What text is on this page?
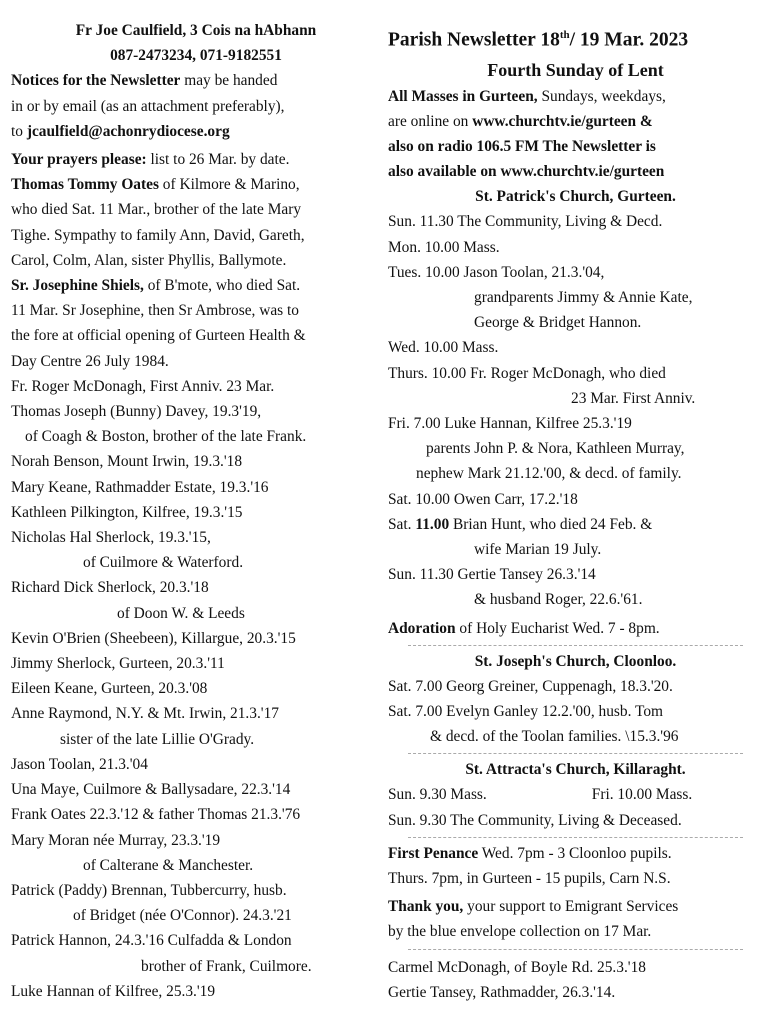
Fr Joe Caulfield, 3 Cois na hAbhann
087-2473234, 071-9182551
Notices for the Newsletter may be handed
in or by email (as an attachment preferably),
to jcaulfield@achonrydiocese.org
Your prayers please: list to 26 Mar. by date.
Thomas Tommy Oates of Kilmore & Marino,
who died Sat. 11 Mar., brother of the late Mary
Tighe. Sympathy to family Ann, David, Gareth,
Carol, Colm, Alan, sister Phyllis, Ballymote.
Sr. Josephine Shiels, of B'mote, who died Sat.
11 Mar. Sr Josephine, then Sr Ambrose, was to
the fore at official opening of Gurteen Health &
Day Centre 26 July 1984.
Fr. Roger McDonagh, First Anniv. 23 Mar.
Thomas Joseph (Bunny) Davey, 19.3'19,
of Coagh & Boston, brother of the late Frank.
Norah Benson, Mount Irwin, 19.3.'18
Mary Keane, Rathmadder Estate, 19.3.'16
Kathleen Pilkington, Kilfree, 19.3.'15
Nicholas Hal Sherlock, 19.3.'15,
of Cuilmore & Waterford.
Richard Dick Sherlock, 20.3.'18
of Doon W. & Leeds
Kevin O'Brien (Sheebeen), Killargue, 20.3.'15
Jimmy Sherlock, Gurteen, 20.3.'11
Eileen Keane, Gurteen, 20.3.'08
Anne Raymond, N.Y. & Mt. Irwin, 21.3.'17
sister of the late Lillie O'Grady.
Jason Toolan, 21.3.'04
Una Maye, Cuilmore & Ballysadare, 22.3.'14
Frank Oates 22.3.'12 & father Thomas 21.3.'76
Mary Moran née Murray, 23.3.'19
of Calterane & Manchester.
Patrick (Paddy) Brennan, Tubbercurry, husb.
of Bridget (née O'Connor). 24.3.'21
Patrick Hannon, 24.3.'16 Culfadda & London
brother of Frank, Cuilmore.
Luke Hannan of Kilfree, 25.3.'19
Parish Newsletter 18th/ 19 Mar. 2023
Fourth Sunday of Lent
All Masses in Gurteen, Sundays, weekdays,
are online on www.churchtv.ie/gurteen &
also on radio 106.5 FM The Newsletter is
also available on www.churchtv.ie/gurteen
St. Patrick's Church, Gurteen.
Sun. 11.30 The Community, Living & Decd.
Mon. 10.00 Mass.
Tues. 10.00 Jason Toolan, 21.3.'04,
grandparents Jimmy & Annie Kate,
George & Bridget Hannon.
Wed. 10.00 Mass.
Thurs. 10.00 Fr. Roger McDonagh, who died
23 Mar. First Anniv.
Fri. 7.00 Luke Hannan, Kilfree 25.3.'19
parents John P. & Nora, Kathleen Murray,
nephew Mark 21.12.'00, & decd. of family.
Sat. 10.00 Owen Carr, 17.2.'18
Sat. 11.00 Brian Hunt, who died 24 Feb. &
wife Marian 19 July.
Sun. 11.30 Gertie Tansey 26.3.'14
& husband Roger, 22.6.'61.
Adoration of Holy Eucharist Wed. 7 - 8pm.
St. Joseph's Church, Cloonloo.
Sat. 7.00 Georg Greiner, Cuppenagh, 18.3.'20.
Sat. 7.00 Evelyn Ganley 12.2.'00, husb. Tom
& decd. of the Toolan families. \15.3.'96
St. Attracta's Church, Killaraght.
Sun. 9.30 Mass.	Fri. 10.00 Mass.
Sun. 9.30 The Community, Living & Deceased.
First Penance Wed. 7pm - 3 Cloonloo pupils.
Thurs. 7pm, in Gurteen - 15 pupils, Carn N.S.
Thank you, your support to Emigrant Services
by the blue envelope collection on 17 Mar.
Carmel McDonagh, of Boyle Rd. 25.3.'18
Gertie Tansey, Rathmadder, 26.3.'14.
